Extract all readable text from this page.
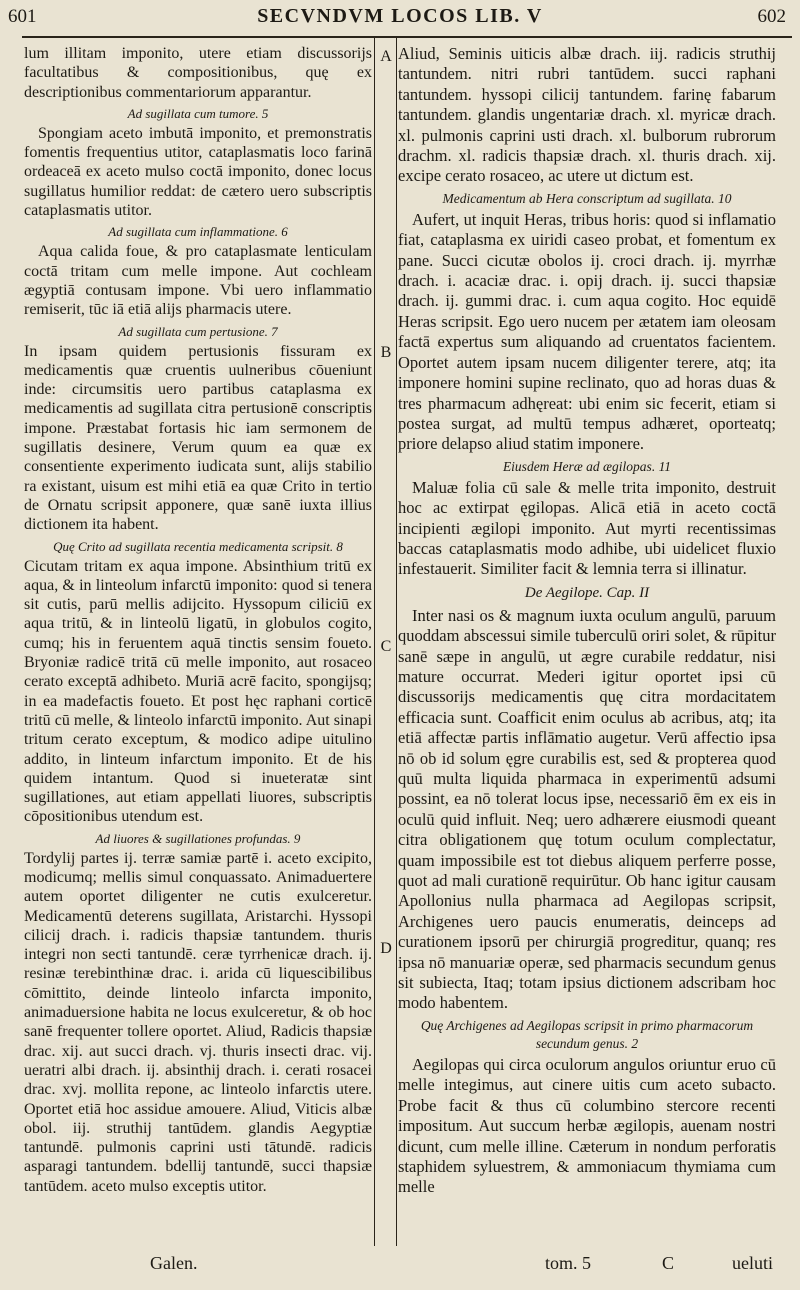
601	SECVNDVM LOCOS LIB. V	602
A
B
C
D

lum illitam imponito, utere etiam discussorijs facultatibus & compositionibus, quę ex descriptionibus commentariorum apparantur.

Ad sugillata cum tumore. 5

Spongiam aceto imbutā imponito, et premonstratis fomentis frequentius utitor, cataplasmatis loco farinā ordeaceā ex aceto mulso coctā imponito, donec locus sugillatus humilior reddat: de cætero uero subscriptis cataplasmatis utitor.

Ad sugillata cum inflammatione. 6

Aqua calida foue, & pro cataplasmate lenticulam coctā tritam cum melle impone. Aut cochleam ægyptiā contusam impone. Vbi uero inflammatio remiserit, tūc iā etiā alijs pharmacis utere.

Ad sugillata cum pertusione. 7

In ipsam quidem pertusionis fissuram ex medicamentis quæ cruentis uulneribus cōueniunt inde: circumsitis uero partibus cataplasma ex medicamentis ad sugillata citra pertusionē conscriptis impone. Præstabat fortasis hic iam sermonem de sugillatis desinere, Verum quum ea quæ ex consentiente experimento iudicata sunt, alijs stabilio ra existant, uisum est mihi etiā ea quæ Crito in tertio de Ornatu scripsit apponere, quæ sanē iuxta illius dictionem ita habent.

Quę Crito ad sugillata recentia medicamenta scripsit. 8

Cicutam tritam ex aqua impone. Absinthium tritū ex aqua, & in linteolum infarctū imponito: quod si tenera sit cutis, parū mellis adijcito. Hyssopum ciliciū ex aqua tritū, & in linteolū ligatū, in globulos cogito, cumq; his in feruentem aquā tinctis sensim foueto. Bryoniæ radicē tritā cū melle imponito, aut rosaceo cerato exceptā adhibeto. Muriā acrē facito, spongijsq; in ea madefactis foueto. Et post hęc raphani corticē tritū cū melle, & linteolo infarctū imponito. Aut sinapi tritum cerato exceptum, & modico adipe uitulino addito, in linteum infarctum imponito. Et de his quidem intantum. Quod si inueteratæ sint sugillationes, aut etiam appellati liuores, subscriptis cōpositionibus utendum est.

Ad liuores & sugillationes profundas. 9

Tordylij partes ij. terræ samiæ partē i. aceto excipito, modicumq; mellis simul conquassato. Animaduertere autem oportet diligenter ne cutis exulceretur. Medicamentū deterens sugillata, Aristarchi. Hyssopi cilicij drach. i. radicis thapsiæ tantundem. thuris integri non secti tantundē. ceræ tyrrhenicæ drach. ij. resinæ terebinthinæ drac. i. arida cū liquescibilibus cōmittito, deinde linteolo infarcta imponito, animaduersione habita ne locus exulceretur, & ob hoc sanē frequenter tollere oportet. Aliud, Radicis thapsiæ drac. xij. aut succi drach. vj. thuris insecti drac. vij. ueratri albi drach. ij. absinthij drach. i. cerati rosacei drac. xvj. mollita repone, ac linteolo infarctis utere. Oportet etiā hoc assidue amouere. Aliud, Viticis albæ obol. iij. struthij tantūdem. glandis Aegyptiæ tantundē. pulmonis caprini usti tātundē. radicis asparagi tantundem. bdellij tantundē, succi thapsiæ tantūdem. aceto mulso exceptis utitor.

Aliud, Seminis uiticis albæ drach. iij. radicis struthij tantundem. nitri rubri tantūdem. succi raphani tantundem. hyssopi cilicij tantundem. farinę fabarum tantundem. glandis ungentariæ drach. xl. myricæ drach. xl. pulmonis caprini usti drach. xl. bulborum rubrorum drachm. xl. radicis thapsiæ drach. xl. thuris drach. xij. excipe cerato rosaceo, ac utere ut dictum est.

Medicamentum ab Hera conscriptum ad sugillata. 10

Aufert, ut inquit Heras, tribus horis: quod si inflamatio fiat, cataplasma ex uiridi caseo probat, et fomentum ex pane. Succi cicutæ obolos ij. croci drach. ij. myrrhæ drach. i. acaciæ drac. i. opij drach. ij. succi thapsiæ drach. ij. gummi drac. i. cum aqua cogito. Hoc equidē Heras scripsit. Ego uero nucem per ætatem iam oleosam factā expertus sum aliquando ad cruentatos facientem. Oportet autem ipsam nucem diligenter terere, atq; ita imponere homini supine reclinato, quo ad horas duas & tres pharmacum adhęreat: ubi enim sic fecerit, etiam si postea surgat, ad multū tempus adhæret, oporteatq; priore delapso aliud statim imponere.

Eiusdem Heræ ad ægilopas. 11

Maluæ folia cū sale & melle trita imponito, destruit hoc ac extirpat ęgilopas. Alicā etiā in aceto coctā incipienti ægilopi imponito. Aut myrti recentissimas baccas cataplasmatis modo adhibe, ubi uidelicet fluxio infestauerit. Similiter facit & lemnia terra si illinatur.

De Aegilope. Cap. II

Inter nasi os & magnum iuxta oculum angulū, paruum quoddam abscessui simile tuberculū oriri solet, & rūpitur sanē sæpe in angulū, ut ægre curabile reddatur, nisi mature occurrat. Mederi igitur oportet ipsi cū discussorijs medicamentis quę citra mordacitatem efficacia sunt. Coafficit enim oculus ab acribus, atq; ita etiā affectæ partis inflāmatio augetur. Verū affectio ipsa nō ob id solum ęgre curabilis est, sed & propterea quod quū multa liquida pharmaca in experimentū adsumi possint, ea nō tolerat locus ipse, necessariō ēm ex eis in oculū quid influit. Neq; uero adhærere eiusmodi queant citra obligationem quę totum oculum complectatur, quam impossibile est tot diebus aliquem perferre posse, quot ad mali curationē requirūtur. Ob hanc igitur causam Apollonius nulla pharmaca ad Aegilopas scripsit, Archigenes uero paucis enumeratis, deinceps ad curationem ipsorū per chirurgiā progreditur, quanq; res ipsa nō manuariæ operæ, sed pharmacis secundum genus sit subiecta, Itaq; totam ipsius dictionem adscribam hoc modo habentem.

Quę Archigenes ad Aegilopas scripsit in primo pharmacorum secundum genus. 2

Aegilopas qui circa oculorum angulos oriuntur eruo cū melle integimus, aut cinere uitis cum aceto subacto. Probe facit & thus cū columbino stercore recenti impositum. Aut succum herbæ ægilopis, auenam nostri dicunt, cum melle illine. Cæterum in nondum perforatis staphidem syluestrem, & ammoniacum thymiama cum melle

Galen.	tom. 5	C	ueluti
